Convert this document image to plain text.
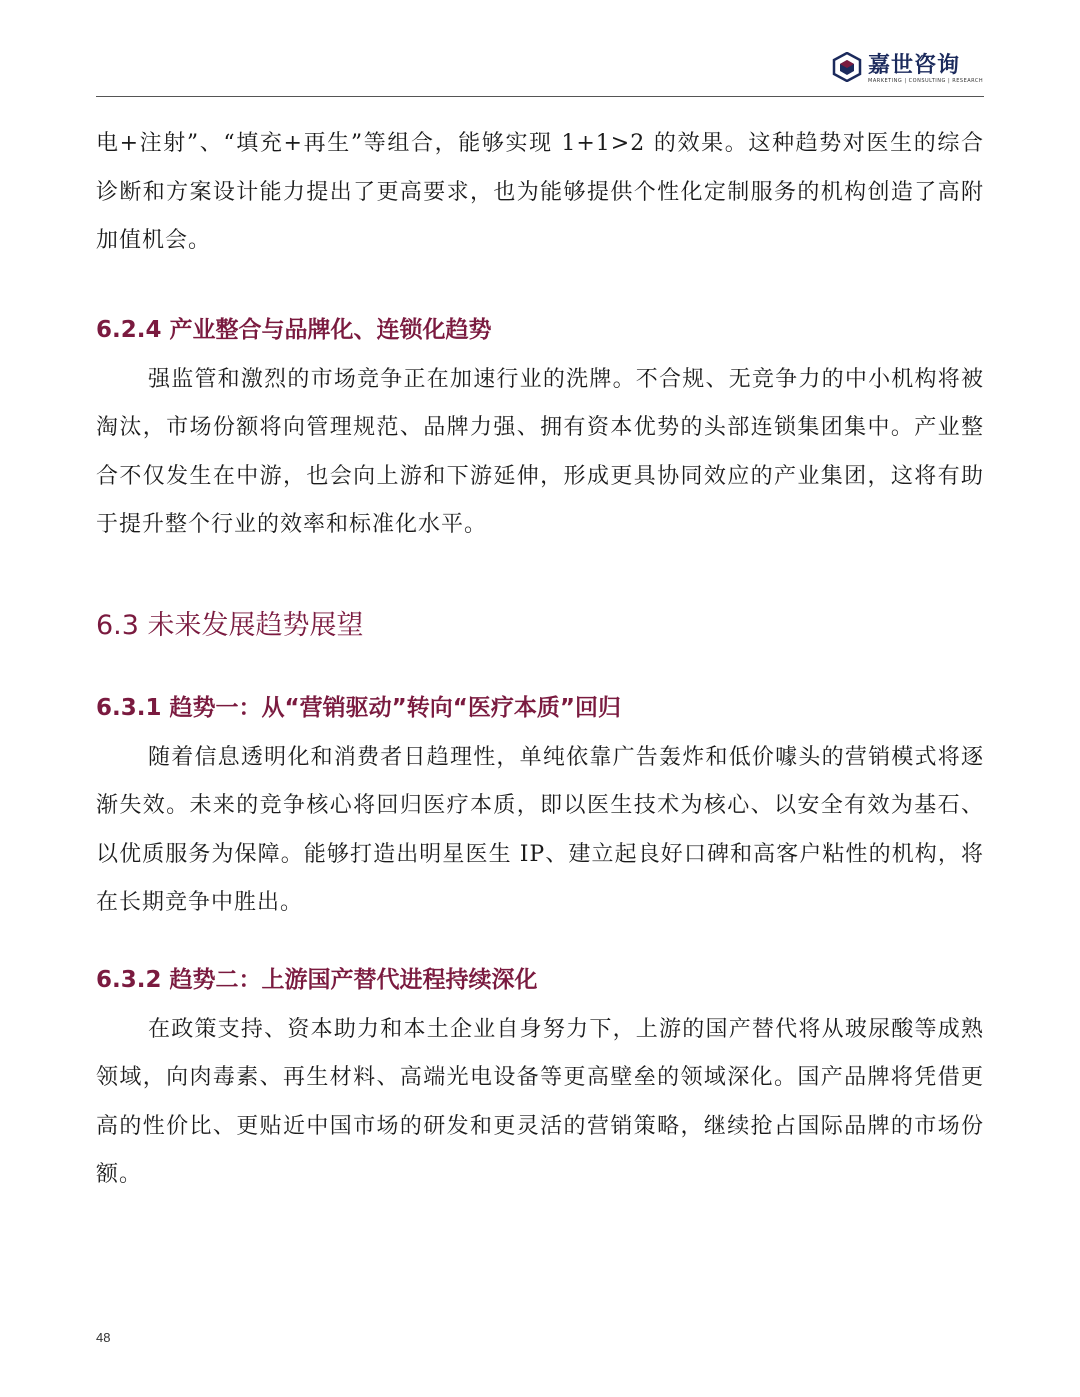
嘉世咨询
MARKETING | CONSULTING | RESEARCH

电+注射”、“填充+再生”等组合，能够实现 1+1>2 的效果。这种趋势对医生的综合诊断和方案设计能力提出了更高要求，也为能够提供个性化定制服务的机构创造了高附加值机会。

6.2.4 产业整合与品牌化、连锁化趋势

强监管和激烈的市场竞争正在加速行业的洗牌。不合规、无竞争力的中小机构将被淘汰，市场份额将向管理规范、品牌力强、拥有资本优势的头部连锁集团集中。产业整合不仅发生在中游，也会向上游和下游延伸，形成更具协同效应的产业集团，这将有助于提升整个行业的效率和标准化水平。

6.3 未来发展趋势展望
6.3.1 趋势一：从“营销驱动”转向“医疗本质”回归

随着信息透明化和消费者日趋理性，单纯依靠广告轰炸和低价噱头的营销模式将逐渐失效。未来的竞争核心将回归医疗本质，即以医生技术为核心、以安全有效为基石、以优质服务为保障。能够打造出明星医生 IP、建立起良好口碑和高客户粘性的机构，将在长期竞争中胜出。

6.3.2 趋势二：上游国产替代进程持续深化

在政策支持、资本助力和本土企业自身努力下，上游的国产替代将从玻尿酸等成熟领域，向肉毒素、再生材料、高端光电设备等更高壁垒的领域深化。国产品牌将凭借更高的性价比、更贴近中国市场的研发和更灵活的营销策略，继续抢占国际品牌的市场份额。

48
